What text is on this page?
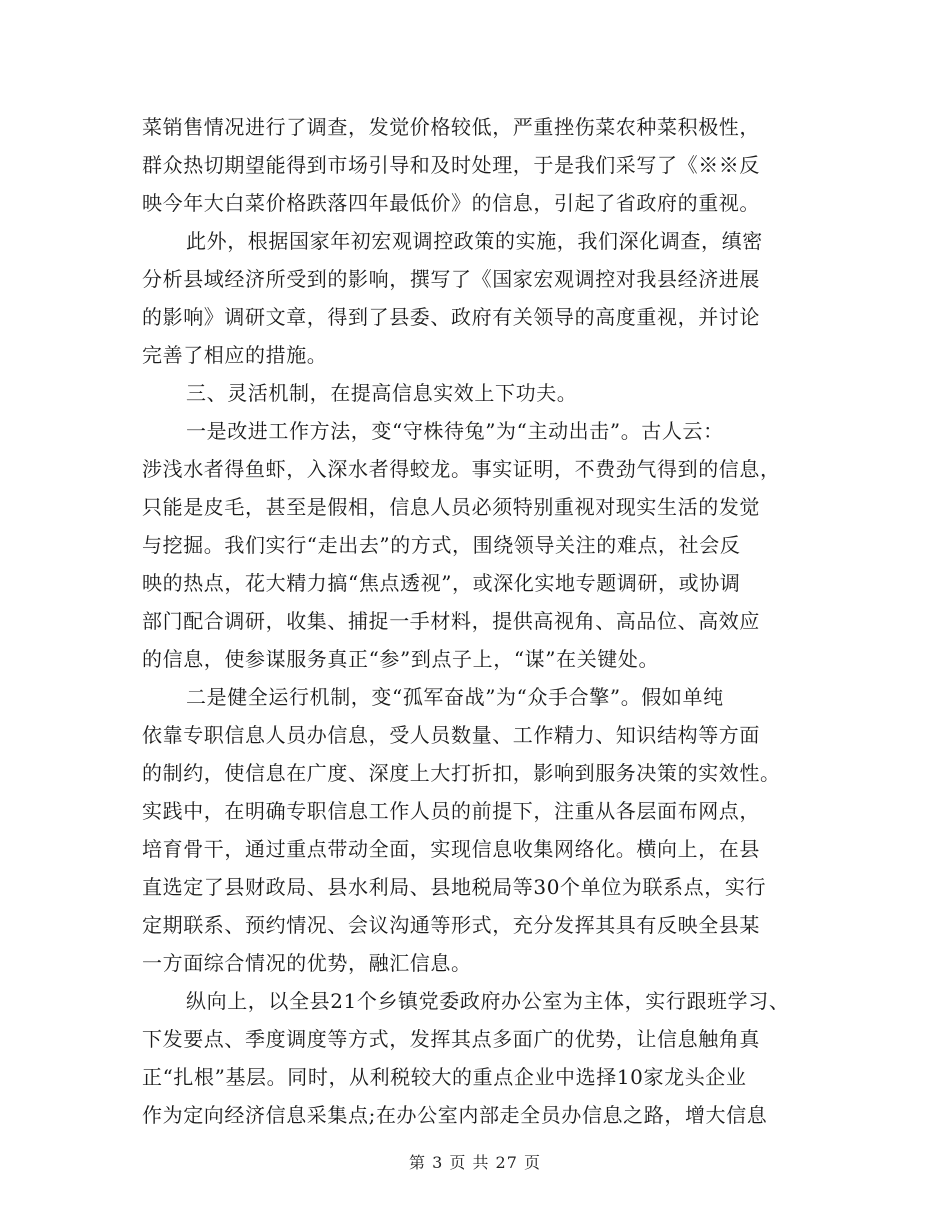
菜销售情况进行了调查，发觉价格较低，严重挫伤菜农种菜积极性，
群众热切期望能得到市场引导和及时处理，于是我们采写了《※※反
映今年大白菜价格跌落四年最低价》的信息，引起了省政府的重视。
此外，根据国家年初宏观调控政策的实施，我们深化调查，缜密
分析县域经济所受到的影响，撰写了《国家宏观调控对我县经济进展
的影响》调研文章，得到了县委、政府有关领导的高度重视，并讨论
完善了相应的措施。
三、灵活机制，在提高信息实效上下功夫。
一是改进工作方法，变“守株待兔”为“主动出击”。古人云：
涉浅水者得鱼虾，入深水者得蛟龙。事实证明，不费劲气得到的信息，
只能是皮毛，甚至是假相，信息人员必须特别重视对现实生活的发觉
与挖掘。我们实行“走出去”的方式，围绕领导关注的难点，社会反
映的热点，花大精力搞“焦点透视”，或深化实地专题调研，或协调
部门配合调研，收集、捕捉一手材料，提供高视角、高品位、高效应
的信息，使参谋服务真正“参”到点子上，“谋”在关键处。
二是健全运行机制，变“孤军奋战”为“众手合擎”。假如单纯
依靠专职信息人员办信息，受人员数量、工作精力、知识结构等方面
的制约，使信息在广度、深度上大打折扣，影响到服务决策的实效性。
实践中，在明确专职信息工作人员的前提下，注重从各层面布网点，
培育骨干，通过重点带动全面，实现信息收集网络化。横向上，在县
直选定了县财政局、县水利局、县地税局等30个单位为联系点，实行
定期联系、预约情况、会议沟通等形式，充分发挥其具有反映全县某
一方面综合情况的优势，融汇信息。
纵向上，以全县21个乡镇党委政府办公室为主体，实行跟班学习、
下发要点、季度调度等方式，发挥其点多面广的优势，让信息触角真
正“扎根”基层。同时，从利税较大的重点企业中选择10家龙头企业
作为定向经济信息采集点;在办公室内部走全员办信息之路，增大信息
第 3 页 共 27 页
